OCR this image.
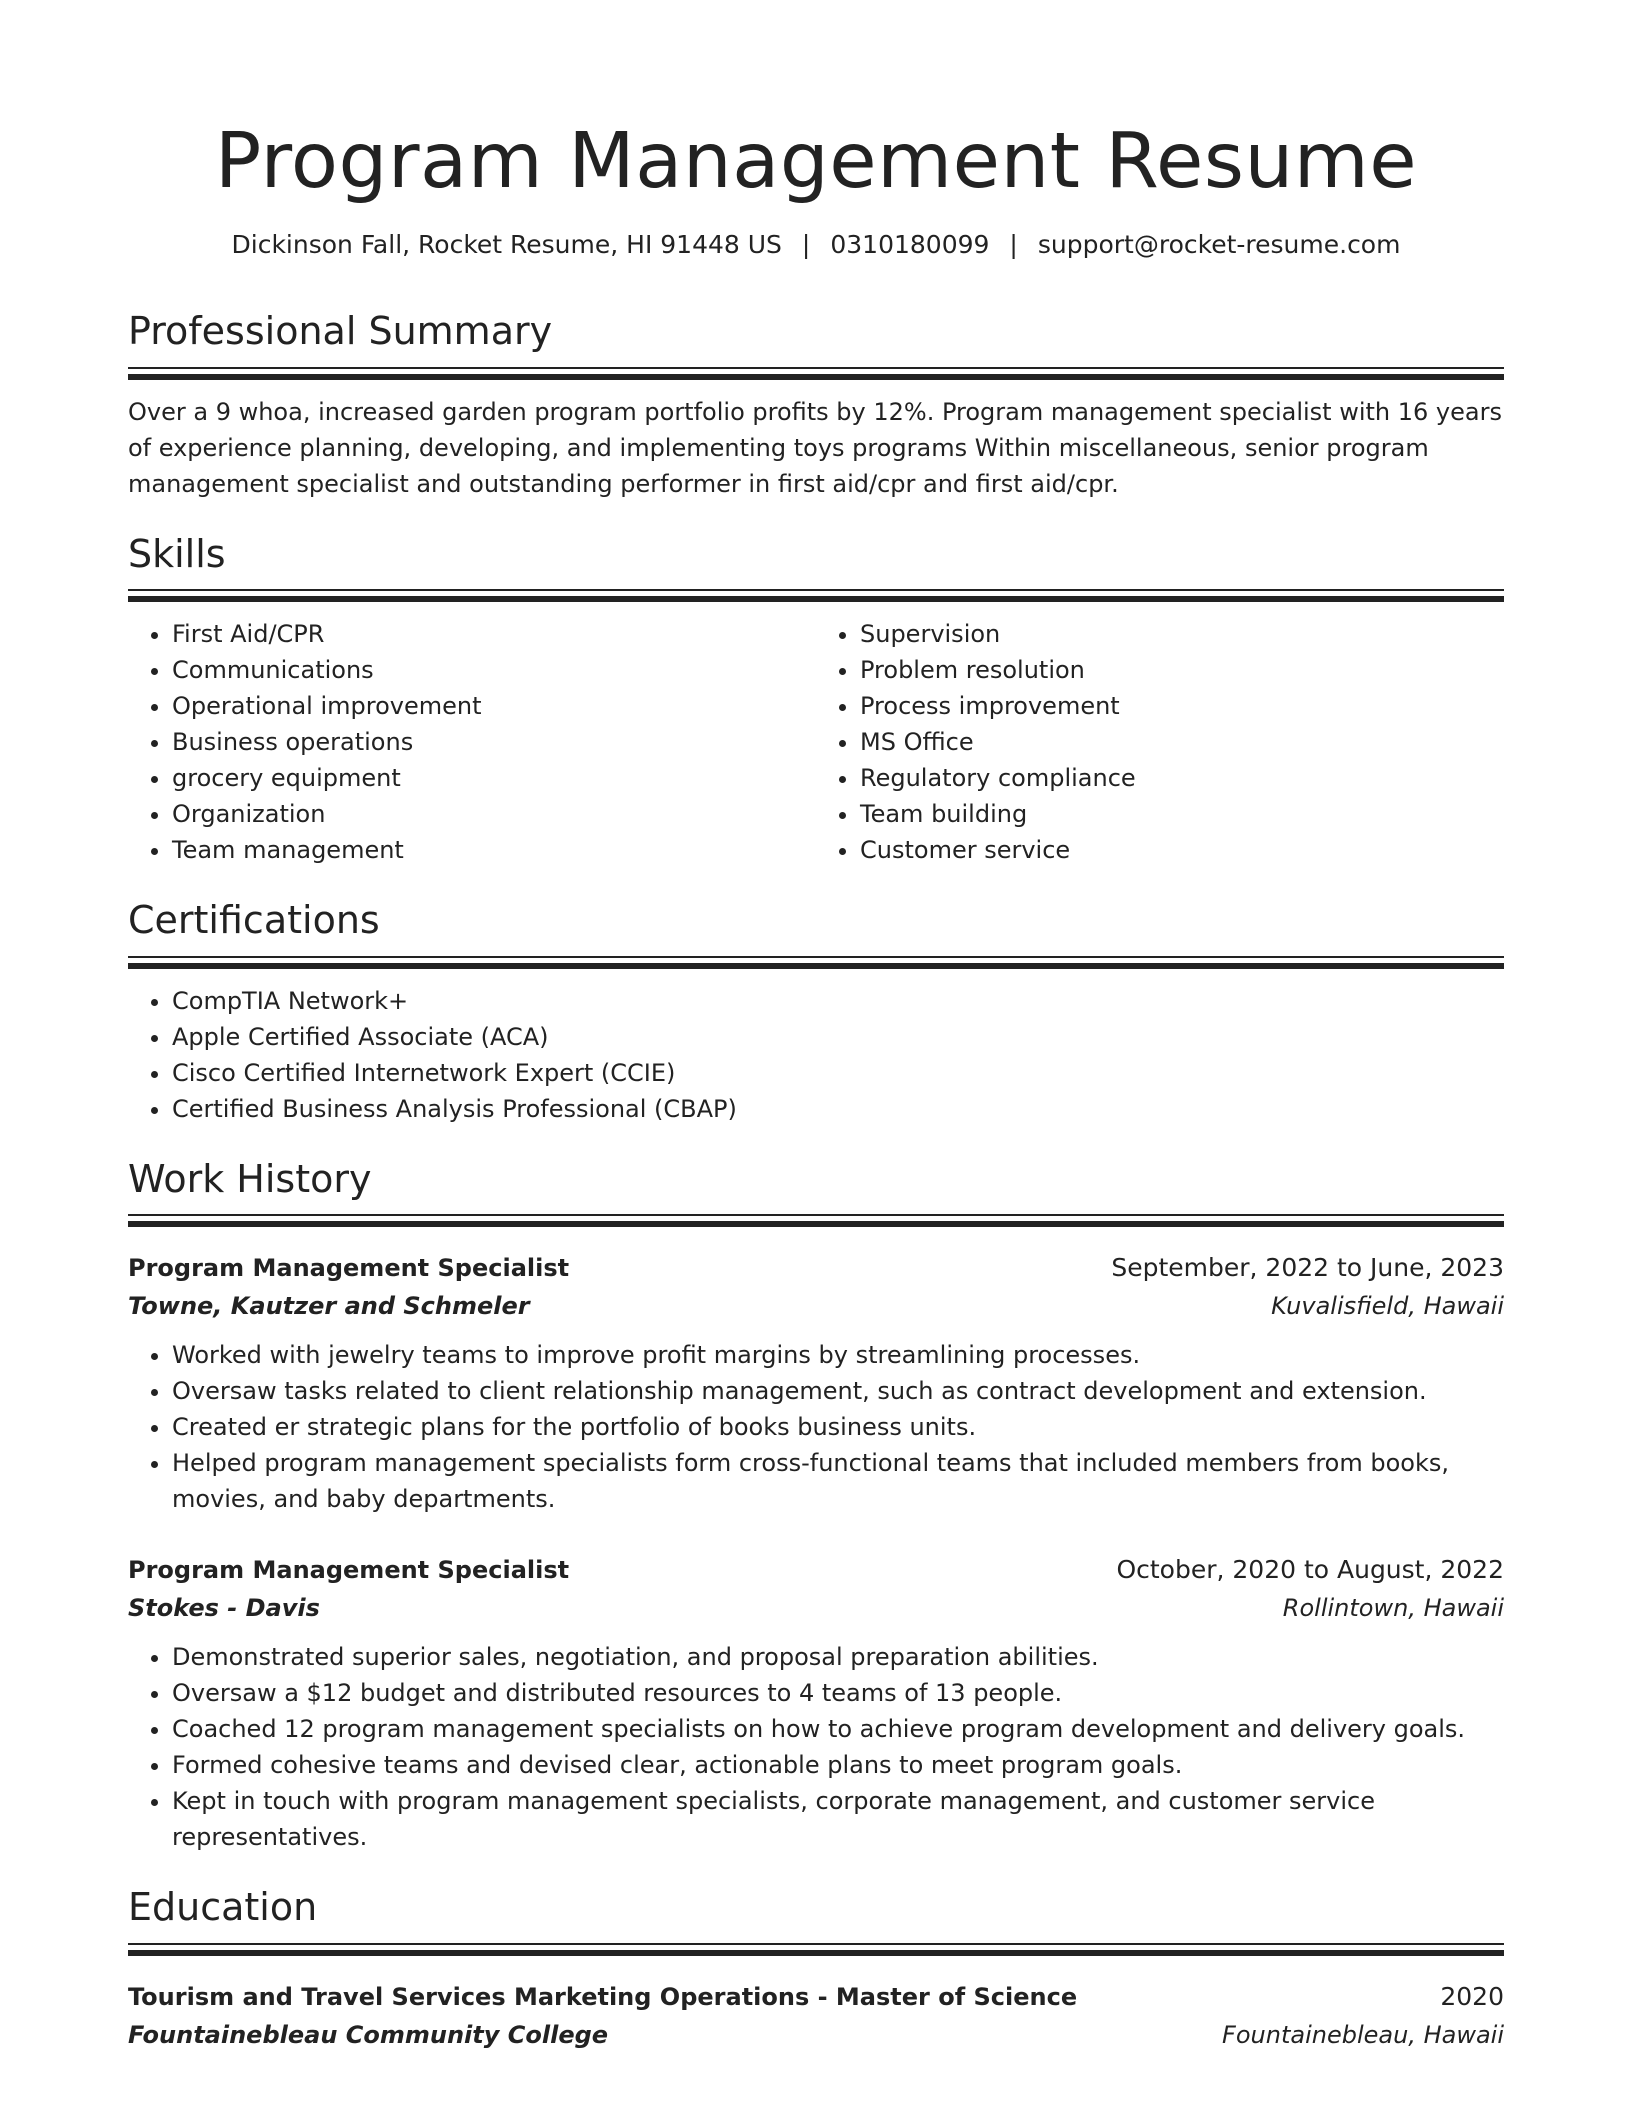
Program Management Resume
Dickinson Fall, Rocket Resume, HI 91448 US | 0310180099 | support@rocket-resume.com
Professional Summary

Over a 9 whoa, increased garden program portfolio profits by 12%. Program management specialist with 16 years of experience planning, developing, and implementing toys programs Within miscellaneous, senior program management specialist and outstanding performer in first aid/cpr and first aid/cpr.

Skills
• First Aid/CPR
• Communications
• Operational improvement
• Business operations
• grocery equipment
• Organization
• Team management
• Supervision
• Problem resolution
• Process improvement
• MS Office
• Regulatory compliance
• Team building
• Customer service
Certifications
• CompTIA Network+
• Apple Certified Associate (ACA)
• Cisco Certified Internetwork Expert (CCIE)
• Certified Business Analysis Professional (CBAP)
Work History
Program Management Specialist	September, 2022 to June, 2023
Towne, Kautzer and Schmeler	Kuvalisfield, Hawaii
• Worked with jewelry teams to improve profit margins by streamlining processes.
• Oversaw tasks related to client relationship management, such as contract development and extension.
• Created er strategic plans for the portfolio of books business units.
• Helped program management specialists form cross-functional teams that included members from books, movies, and baby departments.
Program Management Specialist	October, 2020 to August, 2022
Stokes - Davis	Rollintown, Hawaii
• Demonstrated superior sales, negotiation, and proposal preparation abilities.
• Oversaw a $12 budget and distributed resources to 4 teams of 13 people.
• Coached 12 program management specialists on how to achieve program development and delivery goals.
• Formed cohesive teams and devised clear, actionable plans to meet program goals.
• Kept in touch with program management specialists, corporate management, and customer service representatives.
Education
Tourism and Travel Services Marketing Operations - Master of Science	2020
Fountainebleau Community College	Fountainebleau, Hawaii
